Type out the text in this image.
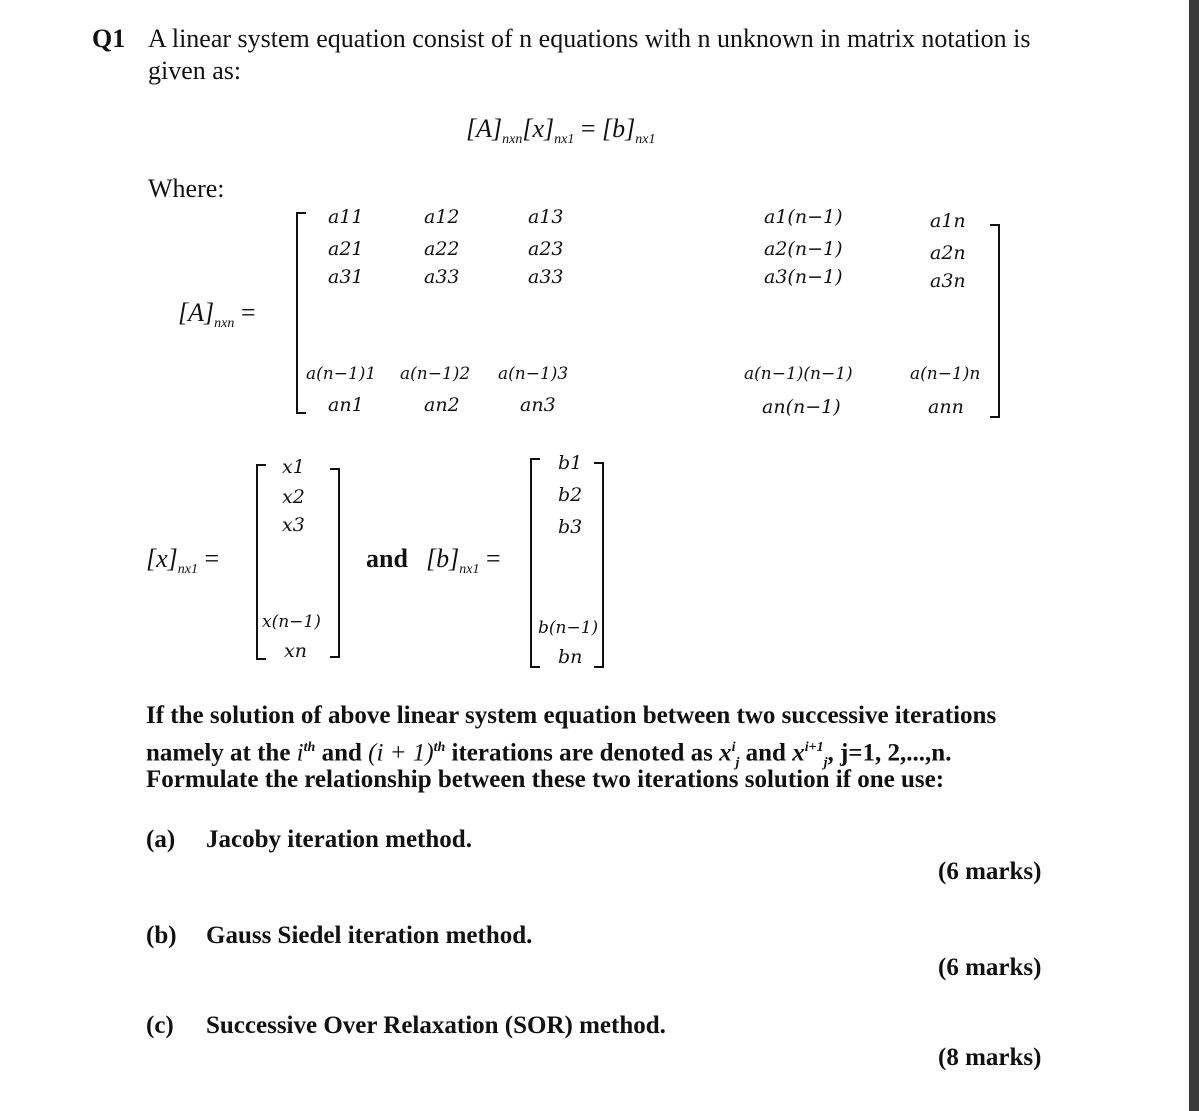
Q1 A linear system equation consist of n equations with n unknown in matrix notation is
given as:
$[A]_{nxn}[x]_{nx1} = [b]_{nx1}$
Where:
$[A]_{nxn}$ =
a11	a12	a13	a1(n−1)	a1n
a21	a22	a23	a2(n−1)	a2n
a31	a33	a33	a3(n−1)	a3n
a(n−1)1 a(n−1)2 a(n−1)3	a(n−1)(n−1)	a(n−1)n
an1	an2	an3	an(n−1)	ann
$[x]_{nx1}$ =
x1
x2
x3
x(n−1)
xn
and $[b]_{nx1}$ =
b1
b2
b3
b(n−1)
bn
If the solution of above linear system equation between two successive iterations
namely at the $i^{th}$ and $(i + 1)^{th}$ iterations are denoted as $x^i_j$ and $x^{i+1}_j$, j=1, 2,...,n.
Formulate the relationship between these two iterations solution if one use:
(a) Jacoby iteration method.
(6 marks)
(b) Gauss Siedel iteration method.
(6 marks)
(c) Successive Over Relaxation (SOR) method.
(8 marks)
